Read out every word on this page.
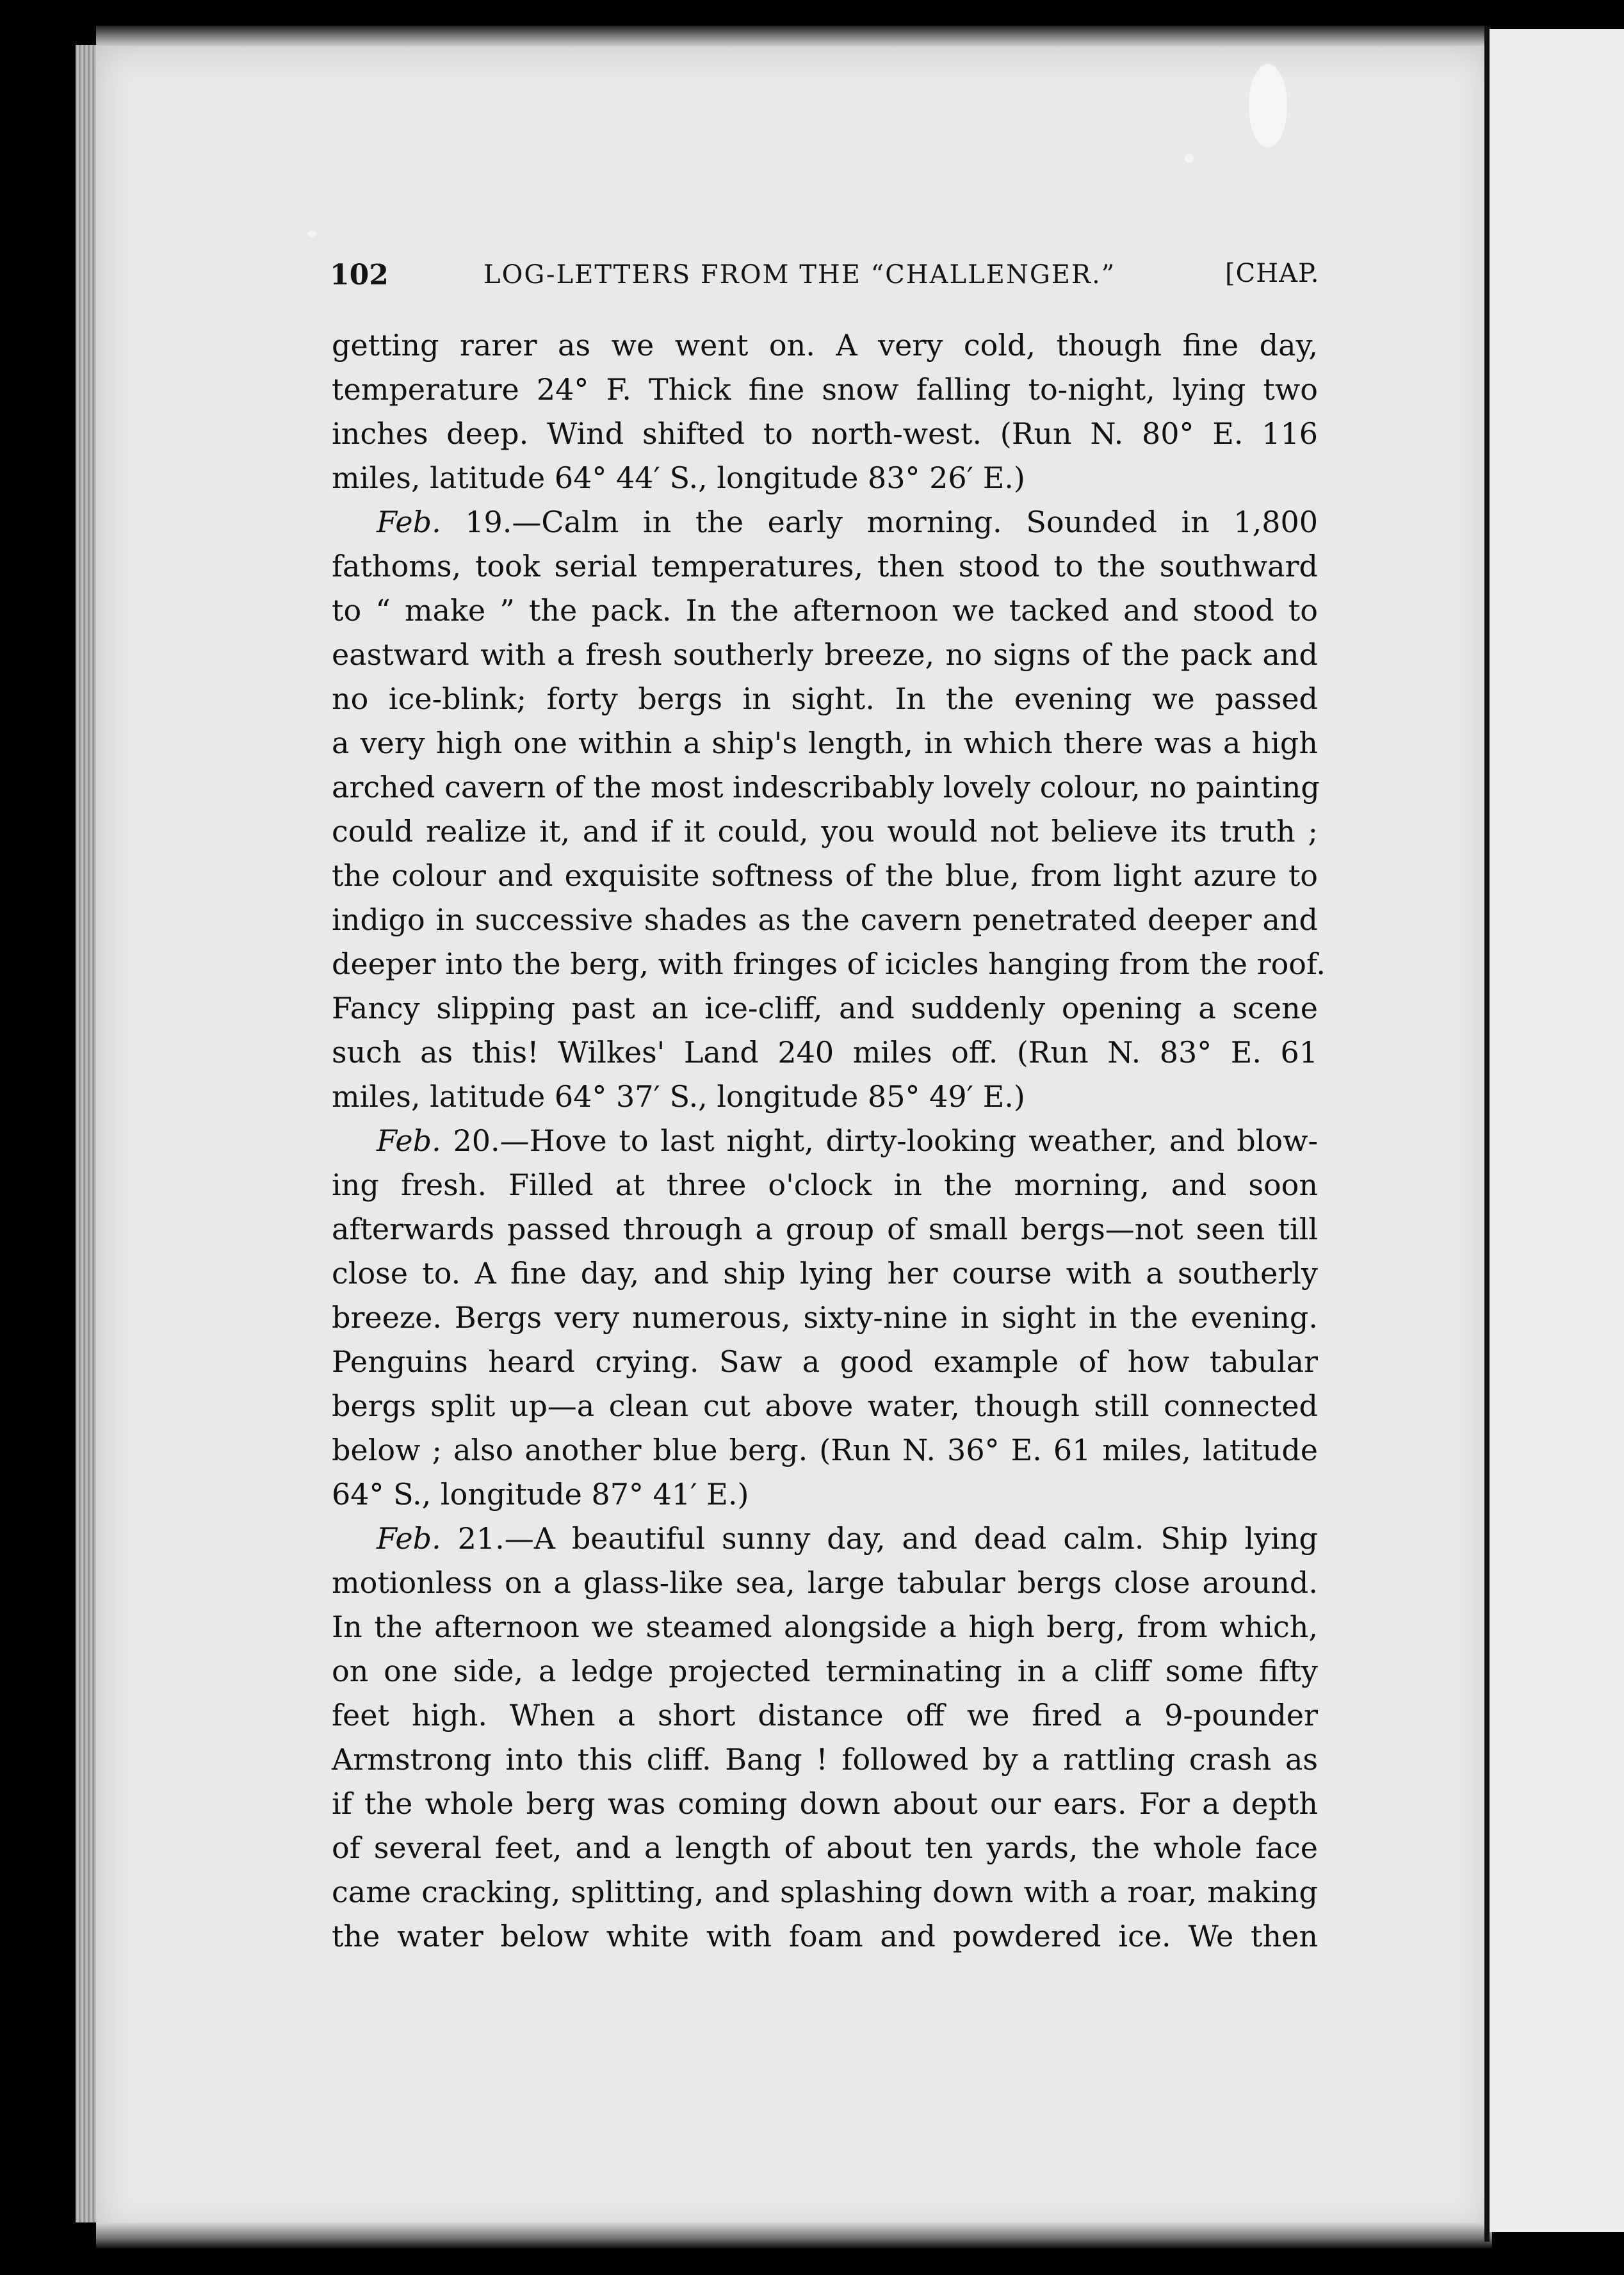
102	LOG-LETTERS FROM THE “CHALLENGER.”	[CHAP.
getting rarer as we went on. A very cold, though fine day,
temperature 24° F. Thick fine snow falling to-night, lying two
inches deep. Wind shifted to north-west. (Run N. 80° E. 116
miles, latitude 64° 44′ S., longitude 83° 26′ E.)
Feb. 19.—Calm in the early morning. Sounded in 1,800
fathoms, took serial temperatures, then stood to the southward
to “ make ” the pack. In the afternoon we tacked and stood to
eastward with a fresh southerly breeze, no signs of the pack and
no ice-blink; forty bergs in sight. In the evening we passed
a very high one within a ship's length, in which there was a high
arched cavern of the most indescribably lovely colour, no painting
could realize it, and if it could, you would not believe its truth ;
the colour and exquisite softness of the blue, from light azure to
indigo in successive shades as the cavern penetrated deeper and
deeper into the berg, with fringes of icicles hanging from the roof.
Fancy slipping past an ice-cliff, and suddenly opening a scene
such as this! Wilkes' Land 240 miles off. (Run N. 83° E. 61
miles, latitude 64° 37′ S., longitude 85° 49′ E.)
Feb. 20.—Hove to last night, dirty-looking weather, and blow-
ing fresh. Filled at three o'clock in the morning, and soon
afterwards passed through a group of small bergs—not seen till
close to. A fine day, and ship lying her course with a southerly
breeze. Bergs very numerous, sixty-nine in sight in the evening.
Penguins heard crying. Saw a good example of how tabular
bergs split up—a clean cut above water, though still connected
below ; also another blue berg. (Run N. 36° E. 61 miles, latitude
64° S., longitude 87° 41′ E.)
Feb. 21.—A beautiful sunny day, and dead calm. Ship lying
motionless on a glass-like sea, large tabular bergs close around.
In the afternoon we steamed alongside a high berg, from which,
on one side, a ledge projected terminating in a cliff some fifty
feet high. When a short distance off we fired a 9-pounder
Armstrong into this cliff. Bang ! followed by a rattling crash as
if the whole berg was coming down about our ears. For a depth
of several feet, and a length of about ten yards, the whole face
came cracking, splitting, and splashing down with a roar, making
the water below white with foam and powdered ice. We then
